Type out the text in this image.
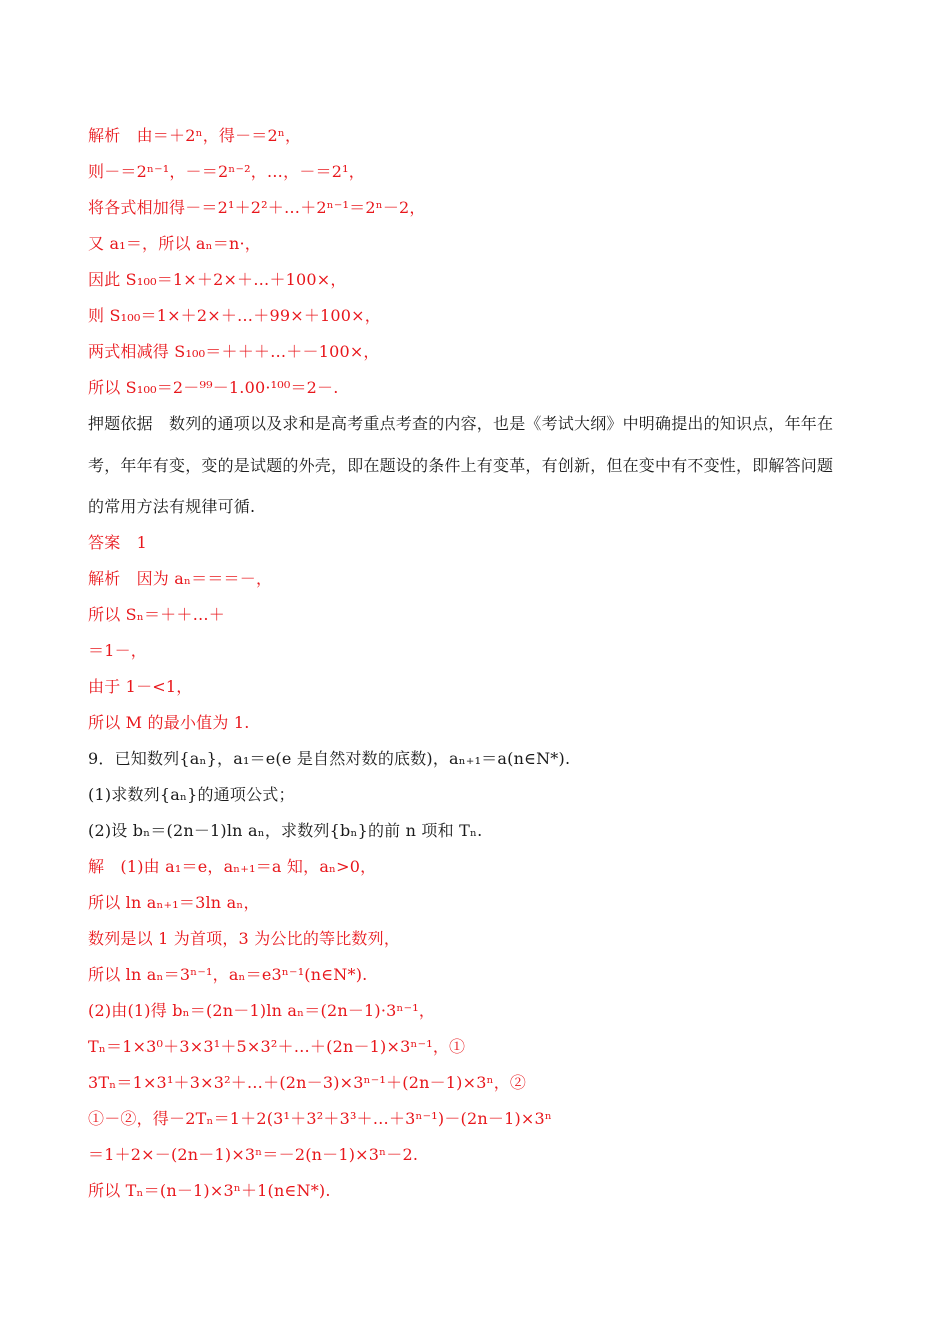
解析　由＝＋2ⁿ，得－＝2ⁿ，
则－＝2ⁿ⁻¹，－＝2ⁿ⁻²，…，－＝2¹，
将各式相加得－＝2¹＋2²＋…＋2ⁿ⁻¹＝2ⁿ－2，
又 a₁＝，所以 aₙ＝n·，
因此 S₁₀₀＝1×＋2×＋…＋100×，
则 S₁₀₀＝1×＋2×＋…＋99×＋100×，
两式相减得 S₁₀₀＝＋＋＋…＋－100×，
所以 S₁₀₀＝2－⁹⁹－1.00·¹⁰⁰＝2－.
押题依据　数列的通项以及求和是高考重点考查的内容，也是《考试大纲》中明确提出的知识点，年年在
考，年年有变，变的是试题的外壳，即在题设的条件上有变革，有创新，但在变中有不变性，即解答问题
的常用方法有规律可循.
答案　1
解析　因为 aₙ＝＝＝－，
所以 Sₙ＝＋＋…＋
＝1－，
由于 1－<1，
所以 M 的最小值为 1.
9．已知数列{aₙ}，a₁＝e(e 是自然对数的底数)，aₙ₊₁＝a(n∈N*).
(1)求数列{aₙ}的通项公式；
(2)设 bₙ＝(2n－1)ln aₙ，求数列{bₙ}的前 n 项和 Tₙ.
解　(1)由 a₁＝e，aₙ₊₁＝a 知，aₙ>0，
所以 ln aₙ₊₁＝3ln aₙ，
数列是以 1 为首项，3 为公比的等比数列，
所以 ln aₙ＝3ⁿ⁻¹，aₙ＝e3ⁿ⁻¹(n∈N*).
(2)由(1)得 bₙ＝(2n－1)ln aₙ＝(2n－1)·3ⁿ⁻¹，
Tₙ＝1×3⁰＋3×3¹＋5×3²＋…＋(2n－1)×3ⁿ⁻¹，①
3Tₙ＝1×3¹＋3×3²＋…＋(2n－3)×3ⁿ⁻¹＋(2n－1)×3ⁿ，②
①－②，得－2Tₙ＝1＋2(3¹＋3²＋3³＋…＋3ⁿ⁻¹)－(2n－1)×3ⁿ
＝1＋2×－(2n－1)×3ⁿ＝－2(n－1)×3ⁿ－2.
所以 Tₙ＝(n－1)×3ⁿ＋1(n∈N*).
